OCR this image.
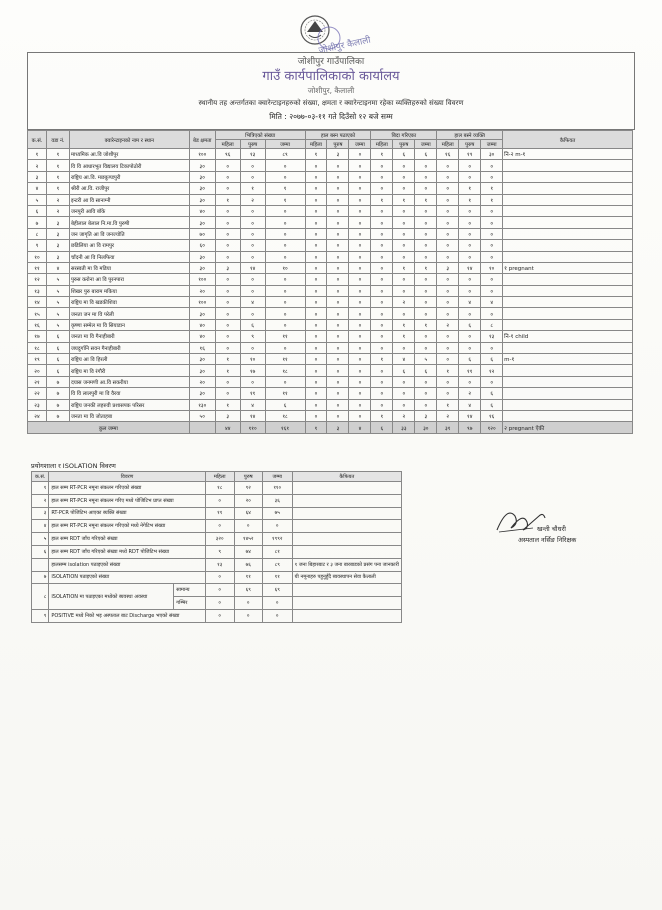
जोशीपुर कैलाली
जोशीपुर गाउँपालिका
गाउँ कार्यपालिकाको कार्यालय
जोशीपुर, कैलाली
स्थानीय तह अन्तर्गतका क्वारेन्टाइनहरुको संख्या, क्षमता र क्वारेन्टाइनमा रहेका व्यक्तिहरुको संख्या विवरण
मिति : २०७७-०३-११ गते दिउँसो १२ बजे सम्म
क.सं.	वडा नं.	क्वारेन्टाइनको नाम र स्थान	बेड क्षमता	भित्रिएको संख्या			हाल बस्न पठाएको			बिदा गरिएका			हाल बस्ने व्यक्ति			कैफियत
				महिला	पुरुष	जम्मा	महिला	पुरुष	जम्मा	महिला	पुरुष	जम्मा	महिला	पुरुष	जम्मा	
१	१	माध्यमिक आ.वि जोशीपुर	१००	९६	१३	८९	१	३	०	१	६	६	१६	१९	३०	नि-२ m-१
२	१	वि वि आधारभूत विद्यालय टिकापोठोरी	३०	०	०	०	०	०	०	०	०	०	०	०	०	
३	१	राष्ट्रिय आ.वि. मछकुण्डपुरी	३०	०	०	०	०	०	०	०	०	०	०	०	०	
४	१	श्रीरी आ.वि. राजीपुर	३०	०	१	१	०	०	०	०	०	०	०	१	१	
५	२	इन्टरी आ वि सानाग्नी	३०	१	२	१	०	०	०	१	१	१	०	१	१	
६	२	जनपुरी आवि बाँके	४०	०	०	०	०	०	०	०	०	०	०	०	०	
७	३	बेहीलाल बेलाल नि.मा.वि पुरुषी	३०	०	०	०	०	०	०	०	०	०	०	०	०	
८	३	जन जागृति आ वि जनज्योति	७०	०	०	०	०	०	०	०	०	०	०	०	०	
९	३	छडिलिया आ वि रामपुर	६०	०	०	०	०	०	०	०	०	०	०	०	०	
१०	३	चाँदनी आ वि निलफिया	३०	०	०	०	०	०	०	०	०	०	०	०	०	
११	४	सरस्वती मा वि मडिया	३०	३	१४	१०	०	०	०	०	१	१	३	१४	१०	१ pregnant
१२	५	पुरुस करोना आ वि पुरनपारा	१००	०	०	०	०	०	०	०	०	०	०	०	०	
१३	५	शिखर पुरु बाराम मकिया	२०	०	०	०	०	०	०	०	०	०	०	०	०	
१४	५	राष्ट्रिय मा वि खडकीशिवा	१००	०	४	०	०	०	०	०	२	०	०	४	४	
१५	५	जनता जन मा वि परेली	३०	०	०	०	०	०	०	०	०	०	०	०	०	
१६	५	कृष्णा सम्मेल मा वि सियाडान	४०	०	६	०	०	०	०	०	१	१	२	६	८	
१७	६	जनता मा वि गैनाहीबारी	४०	०	९	११	०	०	०	०	१	०	०	०	१३	नि-१ child
१८	६	जयदुर्गानि सवन गैनाहीबारी	१६	०	०	०	०	०	०	०	०	०	०	०	०	
१९	६	राष्ट्रिय आ वि हिरली	३०	१	१०	११	०	०	०	१	४	५	०	६	६	m-१
२०	६	राष्ट्रिय मा वि रंगौरी	३०	१	१७	१८	०	०	०	०	६	६	१	११	१२	
२१	७	दयास जनमणी आ.वि सकरीया	२०	०	०	०	०	०	०	०	०	०	०	०	०	
२२	७	वि वि लालपुरी मा वि वैरया	३०	०	११	११	०	०	०	०	०	०	०	२	६	
२३	७	राष्ट्रिय जनकी लहरुवी प्रशासपक परिसर	१३०	१	४	६	०	०	०	०	०	०	१	४	६	
२४	७	जनता मा वि जोताहबा	५०	३	१४	१८	०	०	०	१	२	३	२	१४	१६	
कुल जम्मा				४४	११०	१६१	१	३	४	६	३३	३०	३१	९७	१२०	२ pregnant ऐकी
प्रयोगशाला र ISOLATION विवरण
क.सं.	विवरण		महिला	पुरुष	जम्मा	कैफियत
१	हाल सम्म RT-PCR नमूना संकलन गरिएको संख्या		१८	९२	११०	
२	हाल सम्म RT-PCR नमूना संकलन गरिए मध्ये पोजिटिभ प्राप्त संख्या		०	२०	३६	
३	RT-PCR पोजिटिभ आएका ब्यक्ति संख्या		११	६४	७५	
४	हाल सम्म RT-PCR नमूना संकलन गरिएको मध्ये नेगेटिभ संख्या		०	०	०	
५	हाल सम्म RDT जाँच गरिएको संख्या		३२०	१४५२	१९९२	
६	हाल सम्म RDT जाँच गरिएको संख्या मध्ये RDT पोजिटिभ संख्या		९	७४	८१	
	हालसम्म isolation पठाइएको संख्या		१३	७६	८९	१ जना बिहारबाट र ३ जना बारबाडको प्रसंग पना जानकारी
७	ISOLATION पठाइएको संख्या		०	११	११	यी नमूनाहरु पहुनुहुँदै ब्यवस्थापन सेवा कैलाली
८	ISOLATION मा पठाइएका मध्येको ब्यवस्था अवस्था	सामान्य	०	६९	६९	
		गम्भिर	०	०	०	
९	POSITIVE मध्ये निको भइ अस्पताल बाट Discharge भएको संख्या		०	०	०	
खन्ती चौधरी
अस्पताल नर्सिङ निरिक्षक
